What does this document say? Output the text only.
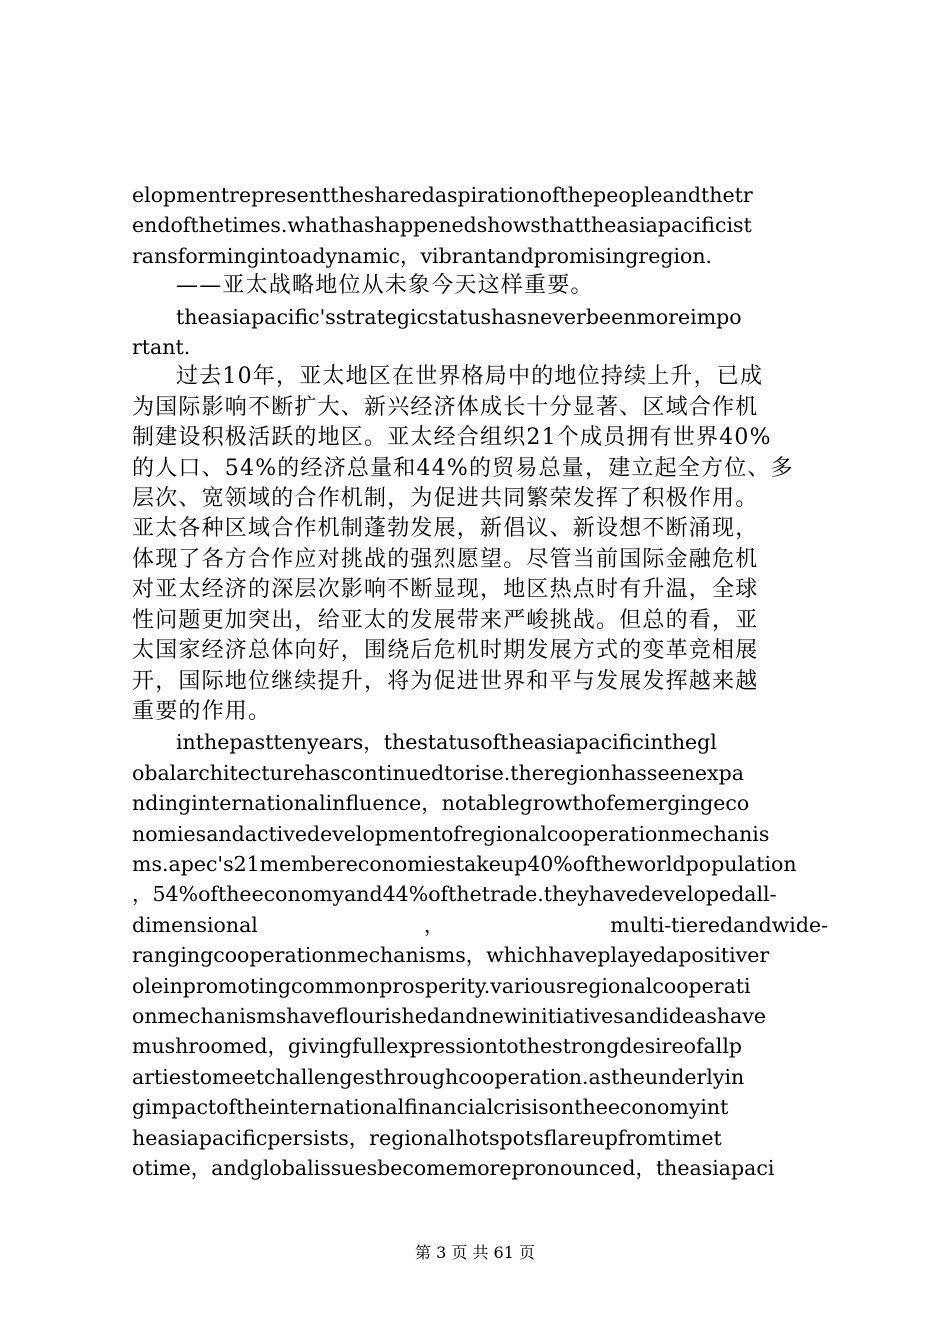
elopmentrepresentthesharedaspirationofthepeopleandthetr
endofthetimes.whathashappenedshowsthattheasiapacificist
ransformingintoadynamic，vibrantandpromisingregion.
——亚太战略地位从未象今天这样重要。
theasiapacific'sstrategicstatushasneverbeenmoreimpo
rtant.
过去10年，亚太地区在世界格局中的地位持续上升，已成
为国际影响不断扩大、新兴经济体成长十分显著、区域合作机
制建设积极活跃的地区。亚太经合组织21个成员拥有世界40%
的人口、54%的经济总量和44%的贸易总量，建立起全方位、多
层次、宽领域的合作机制，为促进共同繁荣发挥了积极作用。
亚太各种区域合作机制蓬勃发展，新倡议、新设想不断涌现，
体现了各方合作应对挑战的强烈愿望。尽管当前国际金融危机
对亚太经济的深层次影响不断显现，地区热点时有升温，全球
性问题更加突出，给亚太的发展带来严峻挑战。但总的看，亚
太国家经济总体向好，围绕后危机时期发展方式的变革竞相展
开，国际地位继续提升，将为促进世界和平与发展发挥越来越
重要的作用。
inthepasttenyears，thestatusoftheasiapacificinthegl
obalarchitecturehascontinuedtorise.theregionhasseenexpa
ndinginternationalinfluence，notablegrowthofemergingeco
nomiesandactivedevelopmentofregionalcooperationmechanis
ms.apec's21membereconomiestakeup40%oftheworldpopulation
，54%oftheeconomyand44%ofthetrade.theyhavedevelopedall-
dimensional	，	multi-tieredandwide-
rangingcooperationmechanisms，whichhaveplayedapositiver
oleinpromotingcommonprosperity.variousregionalcooperati
onmechanismshaveflourishedandnewinitiativesandideashave
mushroomed，givingfullexpressiontothestrongdesireofallp
artiestomeetchallengesthroughcooperation.astheunderlyin
gimpactoftheinternationalfinancialcrisisontheeconomyint
heasiapacificpersists，regionalhotspotsflareupfromtimet
otime，andglobalissuesbecomemorepronounced，theasiapaci
第 3 页 共 61 页
